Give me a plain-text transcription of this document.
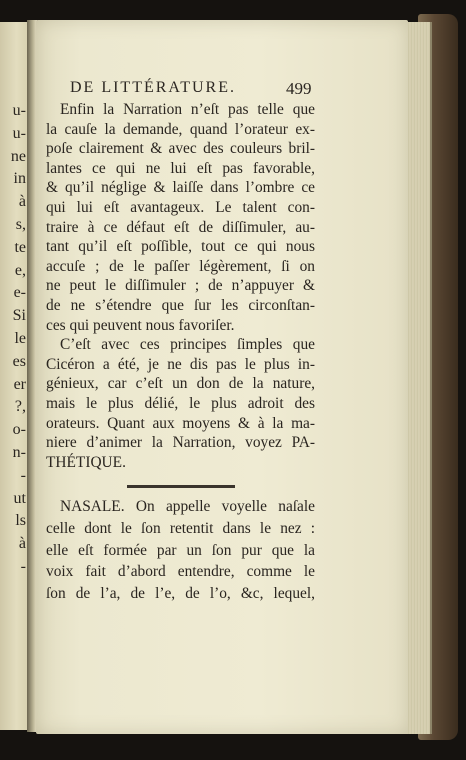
u-
u-
ne
in
à
s,
te
e,
e-
Si
le
es
er
?,
o-
n-
-
ut
ls
à
-
DE LITTÉRATURE.	499
Enfin la Narration n’eſt pas telle que
la cauſe la demande, quand l’orateur ex-
poſe clairement & avec des couleurs bril-
lantes ce qui ne lui eſt pas favorable,
& qu’il néglige & laiſſe dans l’ombre ce
qui lui eſt avantageux. Le talent con-
traire à ce défaut eſt de diſſimuler, au-
tant qu’il eſt poſſible, tout ce qui nous
accuſe ; de le paſſer légèrement, ſi on
ne peut le diſſimuler ; de n’appuyer &
de ne s’étendre que ſur les circonſtan-
ces qui peuvent nous favoriſer.
C’eſt avec ces principes ſimples que
Cicéron a été, je ne dis pas le plus in-
génieux, car c’eſt un don de la nature,
mais le plus délié, le plus adroit des
orateurs. Quant aux moyens & à la ma-
niere d’animer la Narration, voyez PA-
THÉTIQUE.
NASALE. On appelle voyelle naſale
celle dont le ſon retentit dans le nez :
elle eſt formée par un ſon pur que la
voix fait d’abord entendre, comme le
ſon de l’a, de l’e, de l’o, &c, lequel,
